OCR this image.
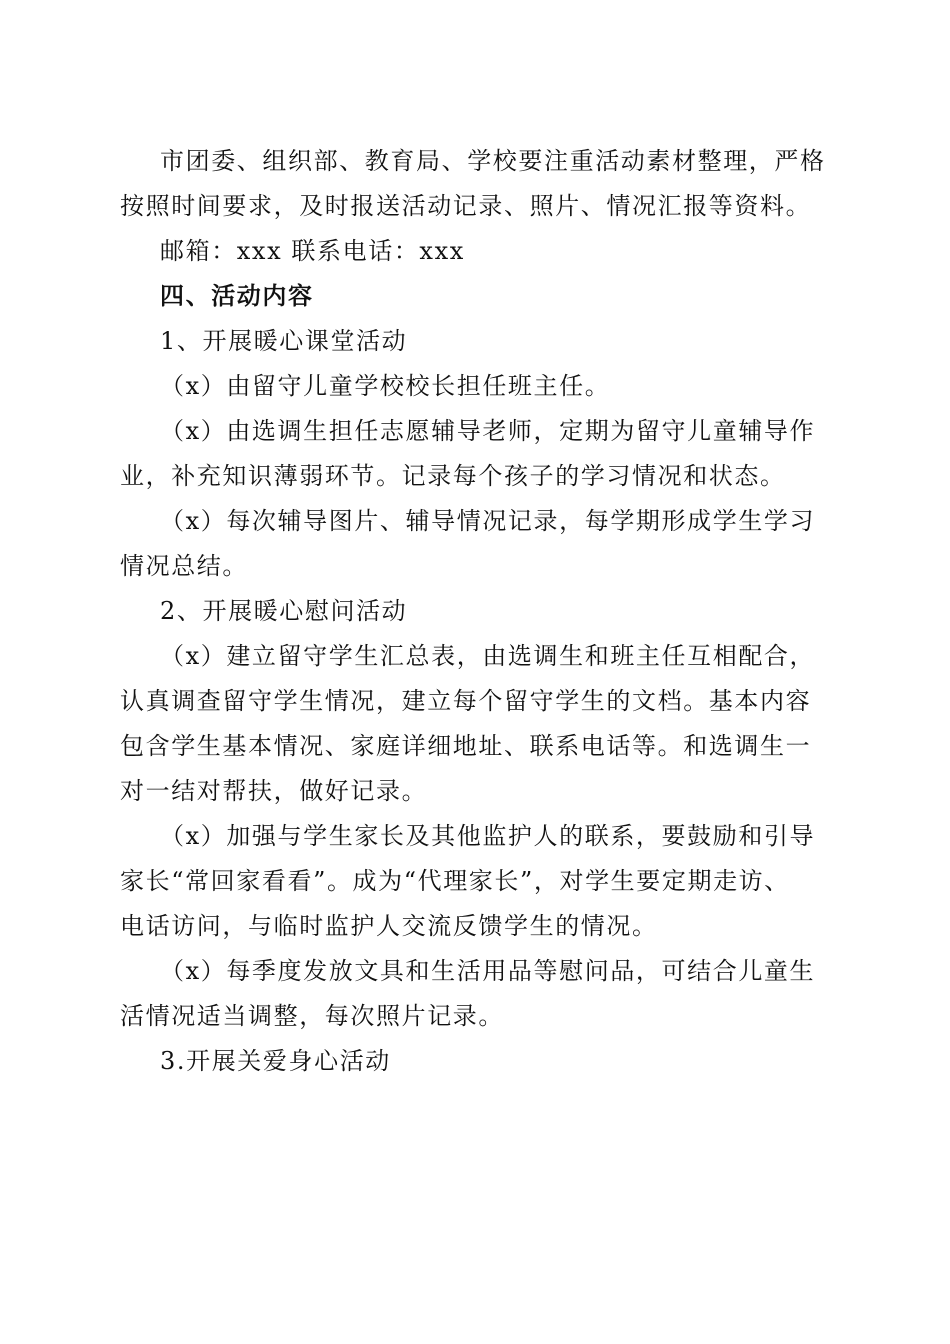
市团委、组织部、教育局、学校要注重活动素材整理，严格
按照时间要求，及时报送活动记录、照片、情况汇报等资料。
邮箱：xxx 联系电话：xxx
四、活动内容
1、开展暖心课堂活动
（x）由留守儿童学校校长担任班主任。
（x）由选调生担任志愿辅导老师，定期为留守儿童辅导作
业，补充知识薄弱环节。记录每个孩子的学习情况和状态。
（x）每次辅导图片、辅导情况记录，每学期形成学生学习
情况总结。
2、开展暖心慰问活动
（x）建立留守学生汇总表，由选调生和班主任互相配合，
认真调查留守学生情况，建立每个留守学生的文档。基本内容
包含学生基本情况、家庭详细地址、联系电话等。和选调生一
对一结对帮扶，做好记录。
（x）加强与学生家长及其他监护人的联系，要鼓励和引导
家长“常回家看看”。成为“代理家长”，对学生要定期走访、
电话访问，与临时监护人交流反馈学生的情况。
（x）每季度发放文具和生活用品等慰问品，可结合儿童生
活情况适当调整，每次照片记录。
3.开展关爱身心活动
